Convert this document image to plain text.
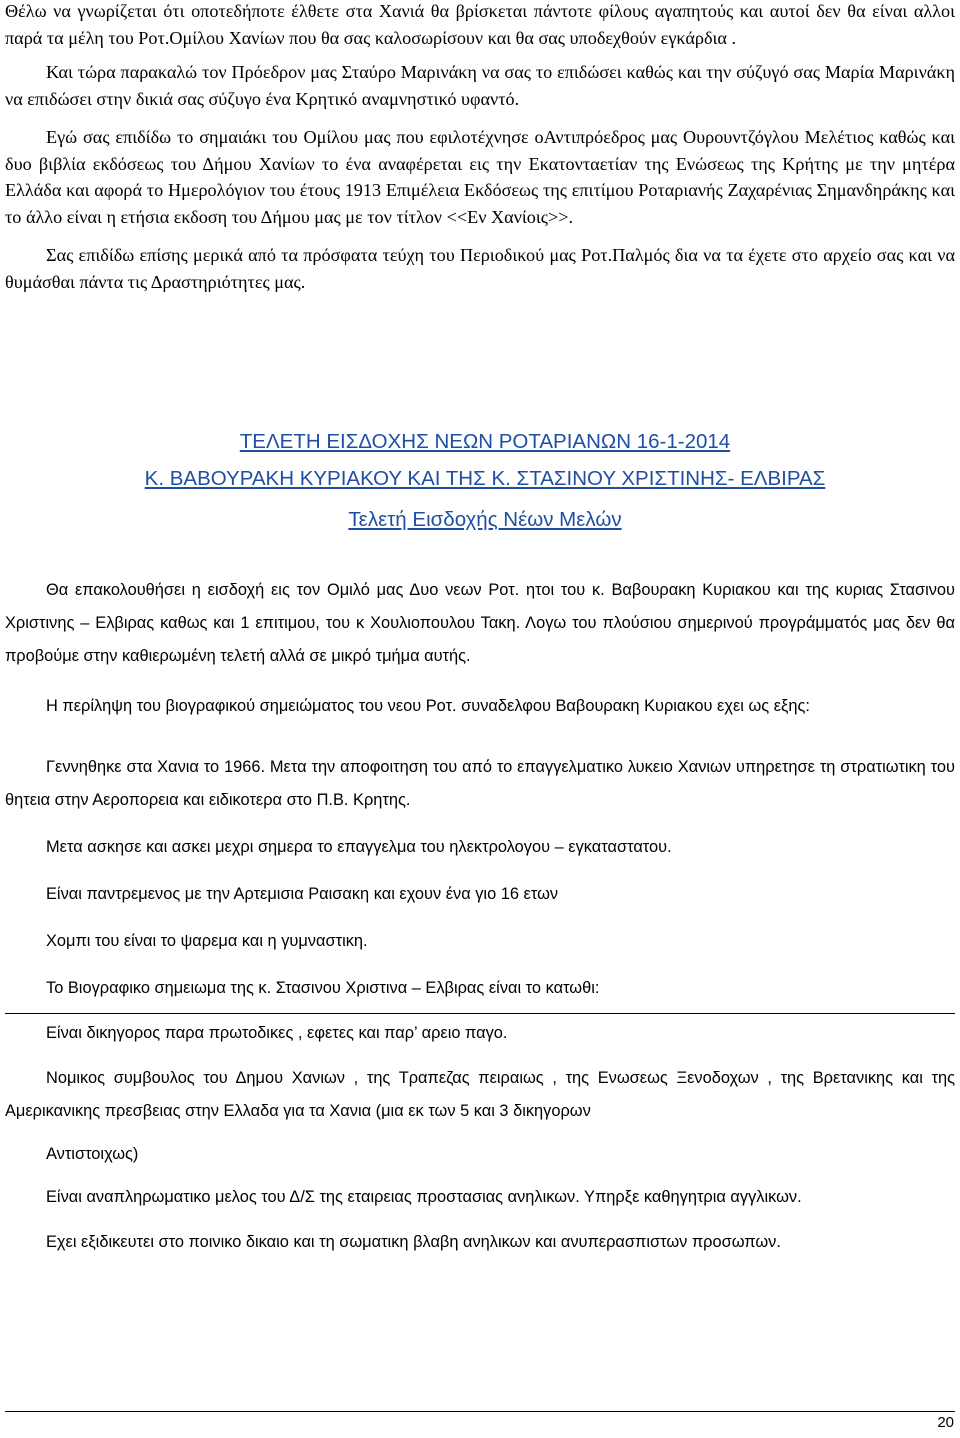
Θέλω να γνωρίζεται ότι οποτεδήποτε έλθετε στα Χανιά θα βρίσκεται πάντοτε φίλους αγαπητούς και αυτοί δεν θα είναι αλλοι παρά τα μέλη του Ροτ.Ομίλου Χανίων που θα σας καλοσωρίσουν και θα σας υποδεχθούν εγκάρδια .

Και τώρα παρακαλώ τον Πρόεδρον μας Σταύρο Μαρινάκη να σας το επιδώσει καθώς και την σύζυγό σας Μαρία Μαρινάκη να επιδώσει στην δικιά σας σύζυγο ένα Κρητικό αναμνηστικό υφαντό.

Εγώ σας επιδίδω το σημαιάκι του Ομίλου μας που εφιλοτέχνησε οΑντιπρόεδρος μας Ουρουντζόγλου Μελέτιος καθώς και δυο βιβλία εκδόσεως του Δήμου Χανίων το ένα αναφέρεται εις την Εκατονταετίαν της Ενώσεως της Κρήτης με την μητέρα Ελλάδα και αφορά το Ημερολόγιον του έτους 1913 Επιμέλεια Εκδόσεως της επιτίμου Ροταριανής Ζαχαρένιας Σημανδηράκης και το άλλο είναι η ετήσια εκδοση του Δήμου μας με τον τίτλον <<Εν Χανίοις>>.

Σας επιδίδω επίσης μερικά από τα πρόσφατα τεύχη του Περιοδικού μας Ροτ.Παλμός δια να τα έχετε στο αρχείο σας και να θυμάσθαι πάντα τις Δραστηριότητες μας.

ΤΕΛΕΤΗ ΕΙΣΔΟΧΗΣ ΝΕΩΝ ΡΟΤΑΡΙΑΝΩΝ 16-1-2014
Κ. ΒΑΒΟΥΡΑΚΗ ΚΥΡΙΑΚΟΥ ΚΑΙ ΤΗΣ Κ. ΣΤΑΣΙΝΟΥ ΧΡΙΣΤΙΝΗΣ- ΕΛΒΙΡΑΣ
Τελετή Εισδοχής Νέων Μελών

Θα επακολουθήσει η εισδοχή εις τον Ομιλό μας Δυο νεων Ροτ. ητοι του κ. Βαβουρακη Κυριακου και της κυριας Στασινου Χριστινης – Ελβιρας καθως και 1 επιτιμου, του κ Χουλιοπουλου Τακη. Λογω του πλούσιου σημερινού προγράμματός μας δεν θα προβούμε στην καθιερωμένη τελετή αλλά σε μικρό τμήμα αυτής.

Η περίληψη του βιογραφικού σημειώματος του νεου Ροτ. συναδελφου Βαβουρακη Κυριακου εχει ως εξης:

Γεννηθηκε στα Χανια το 1966. Μετα την αποφοιτηση του από το επαγγελματικο λυκειο Χανιων υπηρετησε τη στρατιωτικη του θητεια στην Αεροπορεια και ειδικοτερα στο Π.Β. Κρητης.

Μετα ασκησε και ασκει μεχρι σημερα το επαγγελμα του ηλεκτρολογου – εγκαταστατου.

Είναι παντρεμενος με την Αρτεμισια Ραισακη και εχουν ένα γιο 16 ετων

Χομπι του είναι το ψαρεμα και η γυμναστικη.

Το Βιογραφικο σημειωμα της κ. Στασινου Χριστινα – Ελβιρας είναι το κατωθι:

Είναι δικηγορος παρα πρωτοδικες , εφετες και παρ’ αρειο παγο.

Νομικος συμβουλος του Δημου Χανιων , της Τραπεζας πειραιως , της Ενωσεως Ξενοδοχων , της Βρετανικης και της Αμερικανικης πρεσβειας στην Ελλαδα για τα Χανια (μια εκ των 5 και 3 δικηγορων

Αντιστοιχως)

Είναι αναπληρωματικο μελος του Δ/Σ της εταιρειας προστασιας ανηλικων. Υπηρξε καθηγητρια αγγλικων.

Εχει εξιδικευτει στο ποινικο δικαιο και τη σωματικη βλαβη ανηλικων και ανυπερασπιστων προσωπων.

20
